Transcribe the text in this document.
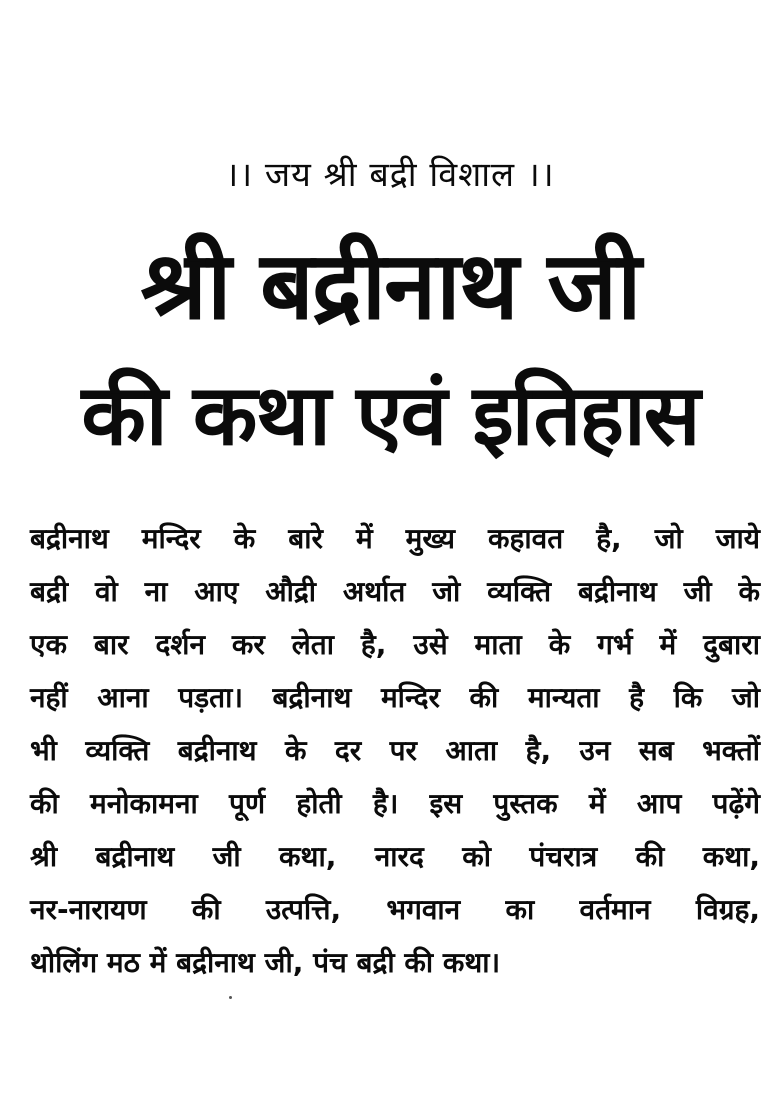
।। जय श्री बद्री विशाल ।।
श्री बद्रीनाथ जी
की कथा एवं इतिहास
बद्रीनाथ मन्दिर के बारे में मुख्य कहावत है, जो जाये
बद्री वो ना आए औद्री अर्थात जो व्यक्ति बद्रीनाथ जी के
एक बार दर्शन कर लेता है, उसे माता के गर्भ में दुबारा
नहीं आना पड़ता। बद्रीनाथ मन्दिर की मान्यता है कि जो
भी व्यक्ति बद्रीनाथ के दर पर आता है, उन सब भक्तों
की मनोकामना पूर्ण होती है। इस पुस्तक में आप पढ़ेंगे
श्री बद्रीनाथ जी कथा, नारद को पंचरात्र की कथा,
नर-नारायण की उत्पत्ति, भगवान का वर्तमान विग्रह,
थोलिंग मठ में बद्रीनाथ जी, पंच बद्री की कथा।
